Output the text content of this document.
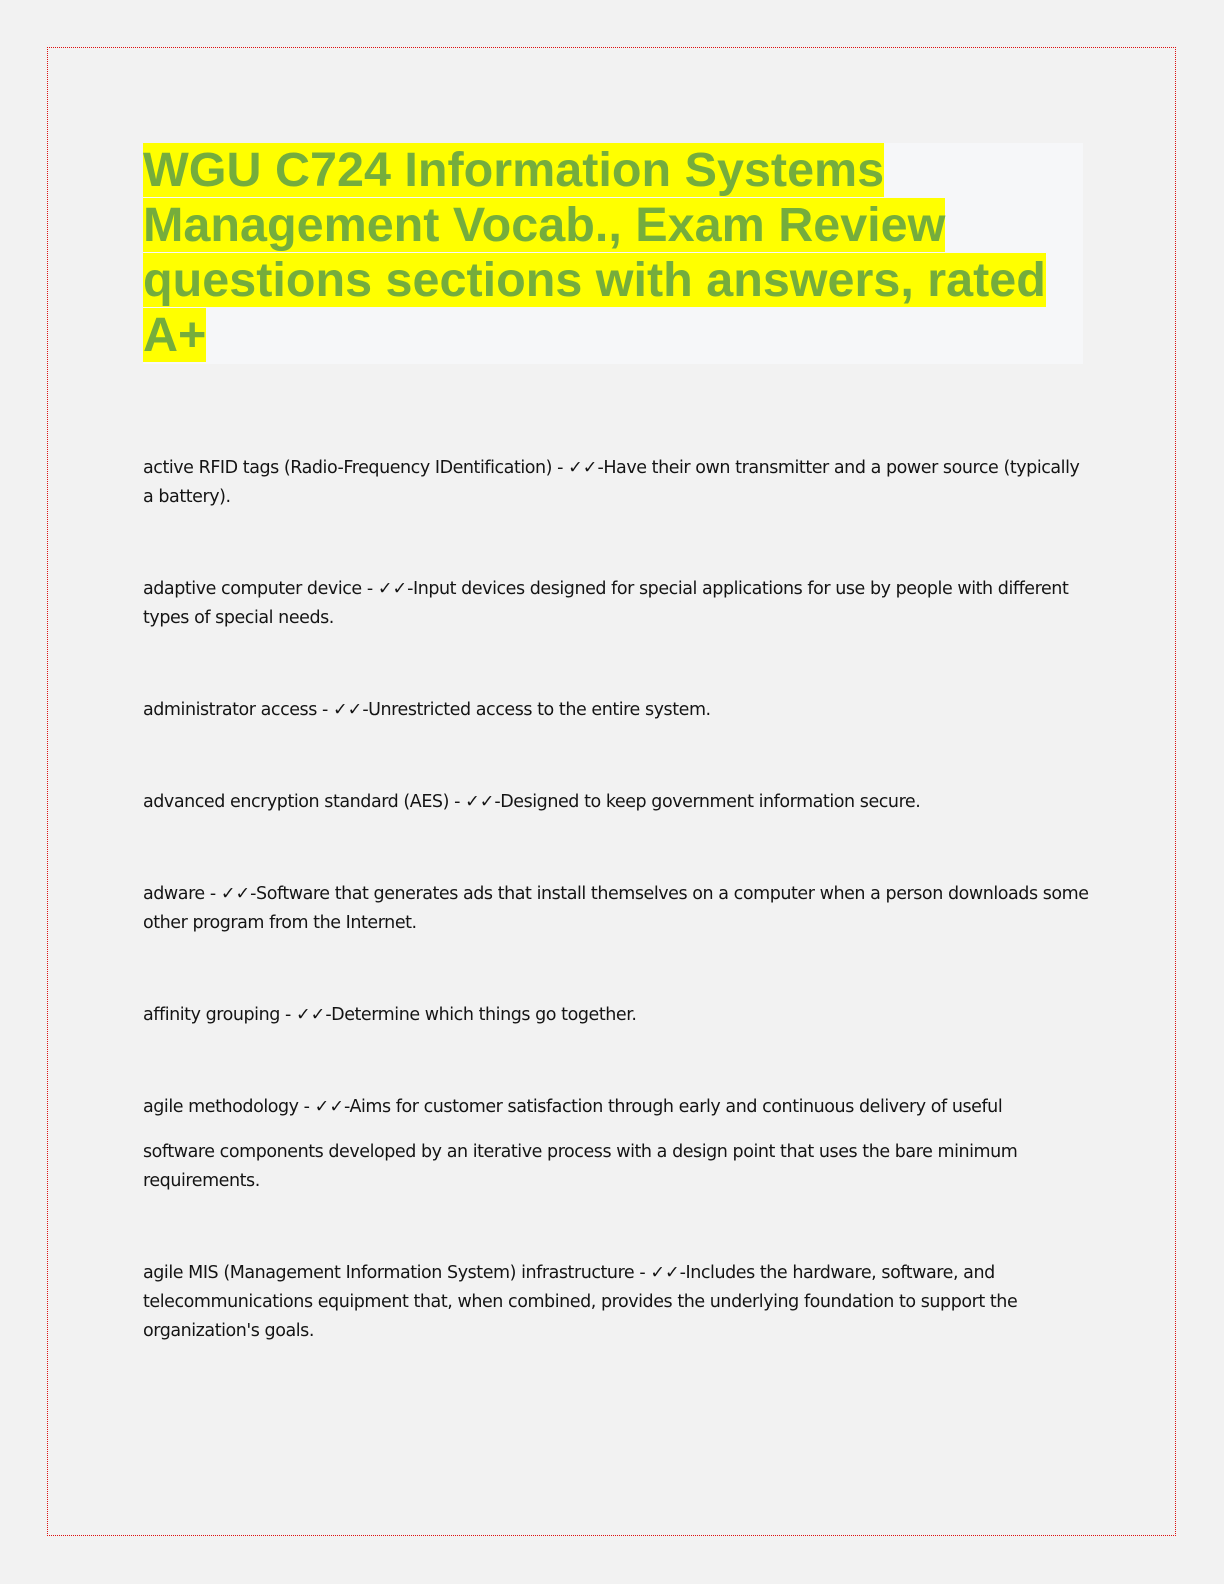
WGU C724 Information Systems
Management Vocab., Exam Review
questions sections with answers, rated
A+

active RFID tags (Radio-Frequency IDentification) - ✓✓-Have their own transmitter and a power source (typically a battery).

adaptive computer device - ✓✓-Input devices designed for special applications for use by people with different types of special needs.

administrator access - ✓✓-Unrestricted access to the entire system.

advanced encryption standard (AES) - ✓✓-Designed to keep government information secure.

adware - ✓✓-Software that generates ads that install themselves on a computer when a person downloads some other program from the Internet.

affinity grouping - ✓✓-Determine which things go together.

agile methodology - ✓✓-Aims for customer satisfaction through early and continuous delivery of useful
software components developed by an iterative process with a design point that uses the bare minimum requirements.

agile MIS (Management Information System) infrastructure - ✓✓-Includes the hardware, software, and telecommunications equipment that, when combined, provides the underlying foundation to support the organization's goals.
